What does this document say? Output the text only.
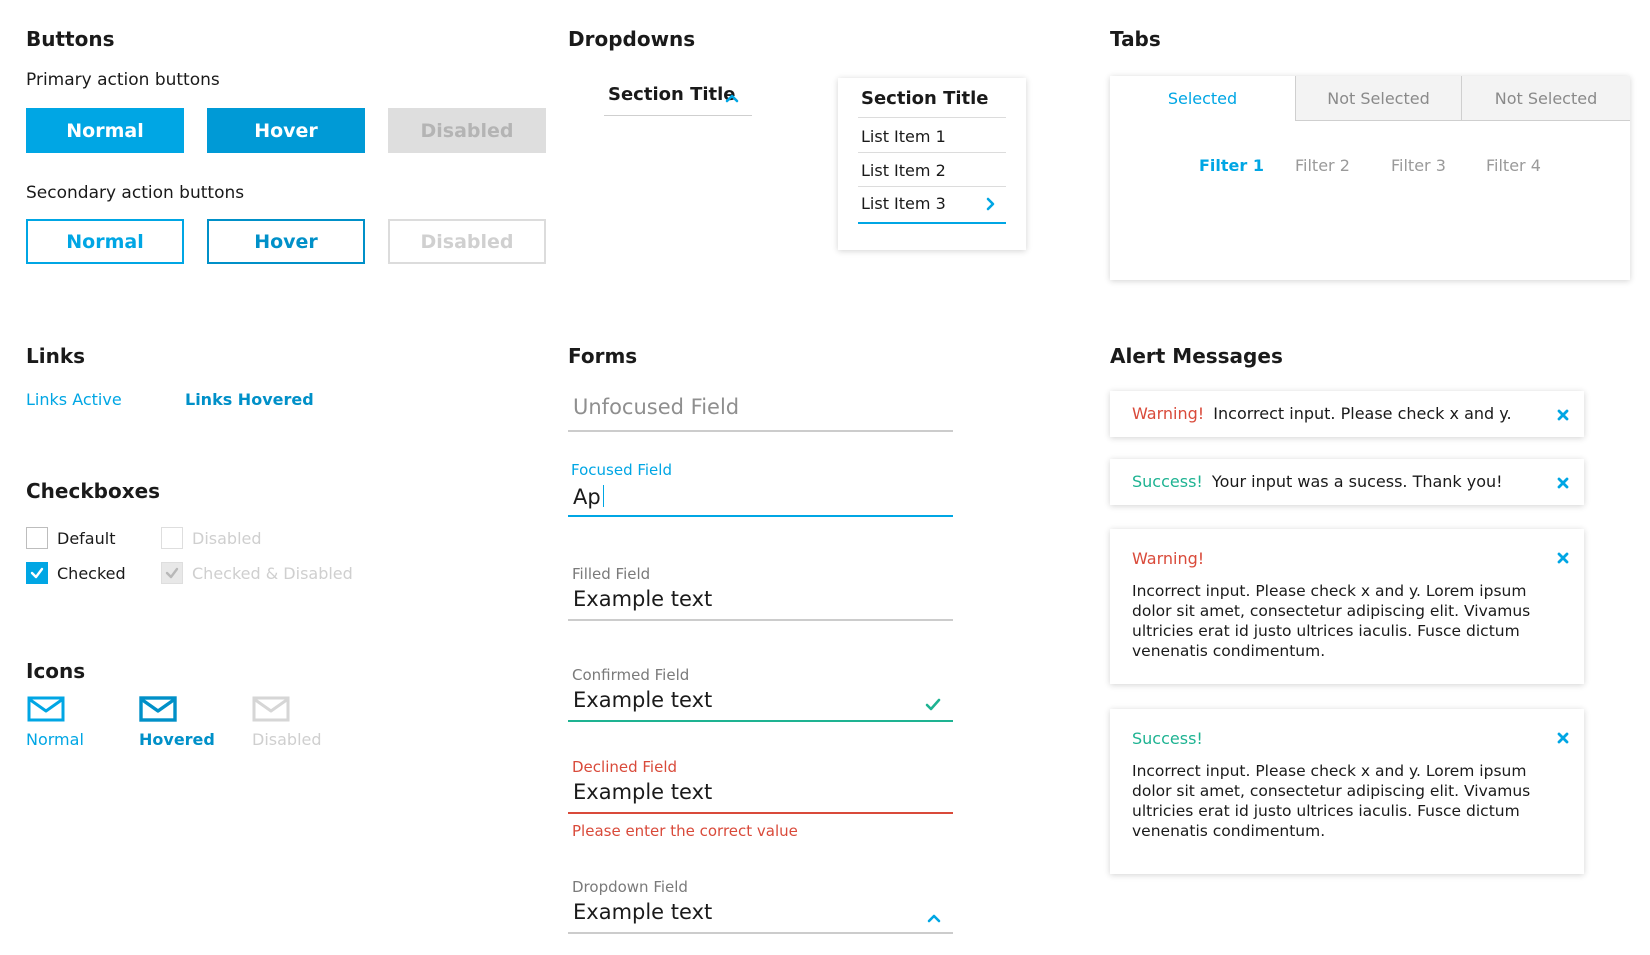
Buttons
Primary action buttons
Normal	Hover	Disabled
Secondary action buttons
Normal	Hover	Disabled
Dropdowns
Section Title	Section Title
List Item 1
List Item 2
List Item 3
Tabs
Selected	Not Selected	Not Selected
Filter 1 Filter 2	Filter 3	Filter 4
Links
Links Active	Links Hovered
Checkboxes
Default	Disabled
Checked	Checked & Disabled
Icons
Normal	Hovered Disabled
Forms
Unfocused Field
Focused Field
Ap
Filled Field
Example text
Confirmed Field
Example text
Declined Field
Example text
Please enter the correct value
Dropdown Field
Example text
Alert Messages
Warning! Incorrect input. Please check x and y.
Success! Your input was a sucess. Thank you!
Warning!
Incorrect input. Please check x and y. Lorem ipsum
dolor sit amet, consectetur adipiscing elit. Vivamus
ultricies erat id justo ultrices iaculis. Fusce dictum
venenatis condimentum.
Success!
Incorrect input. Please check x and y. Lorem ipsum
dolor sit amet, consectetur adipiscing elit. Vivamus
ultricies erat id justo ultrices iaculis. Fusce dictum
venenatis condimentum.
